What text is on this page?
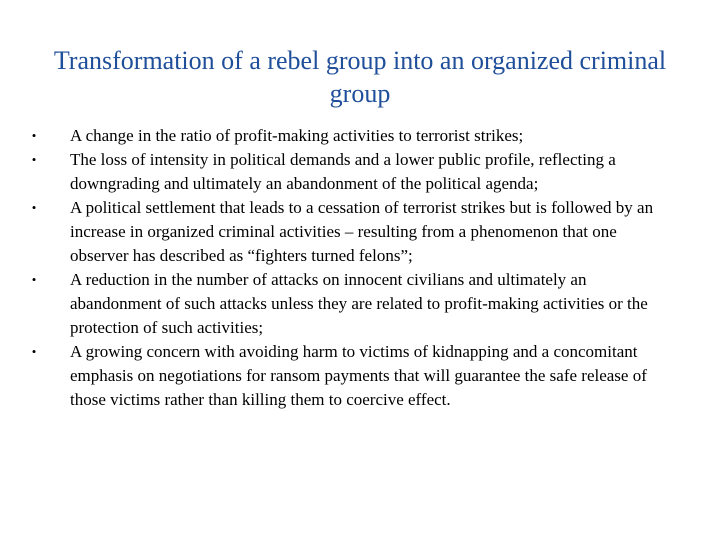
Transformation of a rebel group into an organized criminal group
• A change in the ratio of profit-making activities to terrorist strikes;
• The loss of intensity in political demands and a lower public profile, reflecting a downgrading and ultimately an abandonment of the political agenda;
• A political settlement that leads to a cessation of terrorist strikes but is followed by an increase in organized criminal activities – resulting from a phenomenon that one observer has described as “fighters turned felons”;
• A reduction in the number of attacks on innocent civilians and ultimately an abandonment of such attacks unless they are related to profit-making activities or the protection of such activities;
• A growing concern with avoiding harm to victims of kidnapping and a concomitant emphasis on negotiations for ransom payments that will guarantee the safe release of those victims rather than killing them to coercive effect.
